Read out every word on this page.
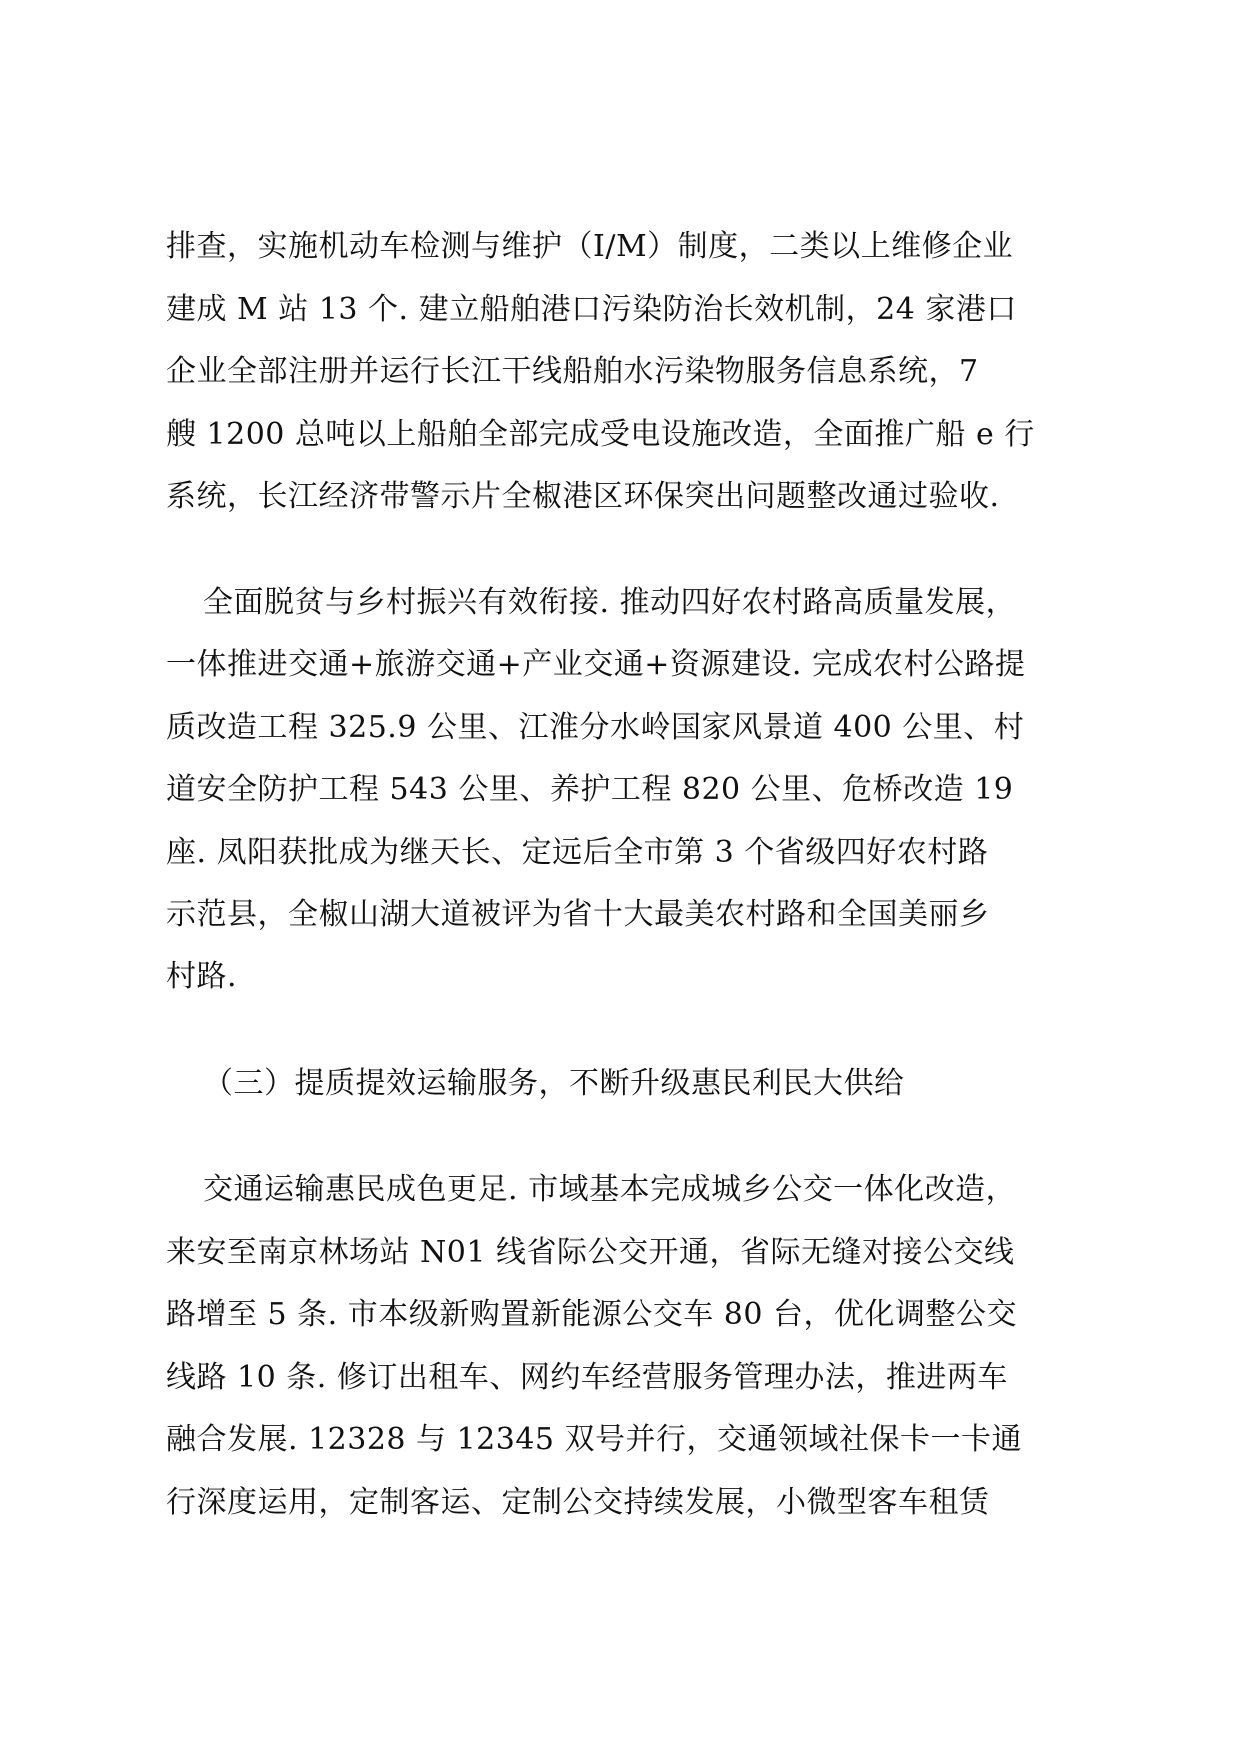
排查，实施机动车检测与维护（I/M）制度，二类以上维修企业
建成 M 站 13 个. 建立船舶港口污染防治长效机制，24 家港口
企业全部注册并运行长江干线船舶水污染物服务信息系统，7
艘 1200 总吨以上船舶全部完成受电设施改造，全面推广船 e 行
系统，长江经济带警示片全椒港区环保突出问题整改通过验收.
全面脱贫与乡村振兴有效衔接. 推动四好农村路高质量发展，
一体推进交通+旅游交通+产业交通+资源建设. 完成农村公路提
质改造工程 325.9 公里、江淮分水岭国家风景道 400 公里、村
道安全防护工程 543 公里、养护工程 820 公里、危桥改造 19
座. 凤阳获批成为继天长、定远后全市第 3 个省级四好农村路
示范县，全椒山湖大道被评为省十大最美农村路和全国美丽乡
村路.
（三）提质提效运输服务，不断升级惠民利民大供给
交通运输惠民成色更足. 市域基本完成城乡公交一体化改造，
来安至南京林场站 N01 线省际公交开通，省际无缝对接公交线
路增至 5 条. 市本级新购置新能源公交车 80 台，优化调整公交
线路 10 条. 修订出租车、网约车经营服务管理办法，推进两车
融合发展. 12328 与 12345 双号并行，交通领域社保卡一卡通
行深度运用，定制客运、定制公交持续发展，小微型客车租赁
